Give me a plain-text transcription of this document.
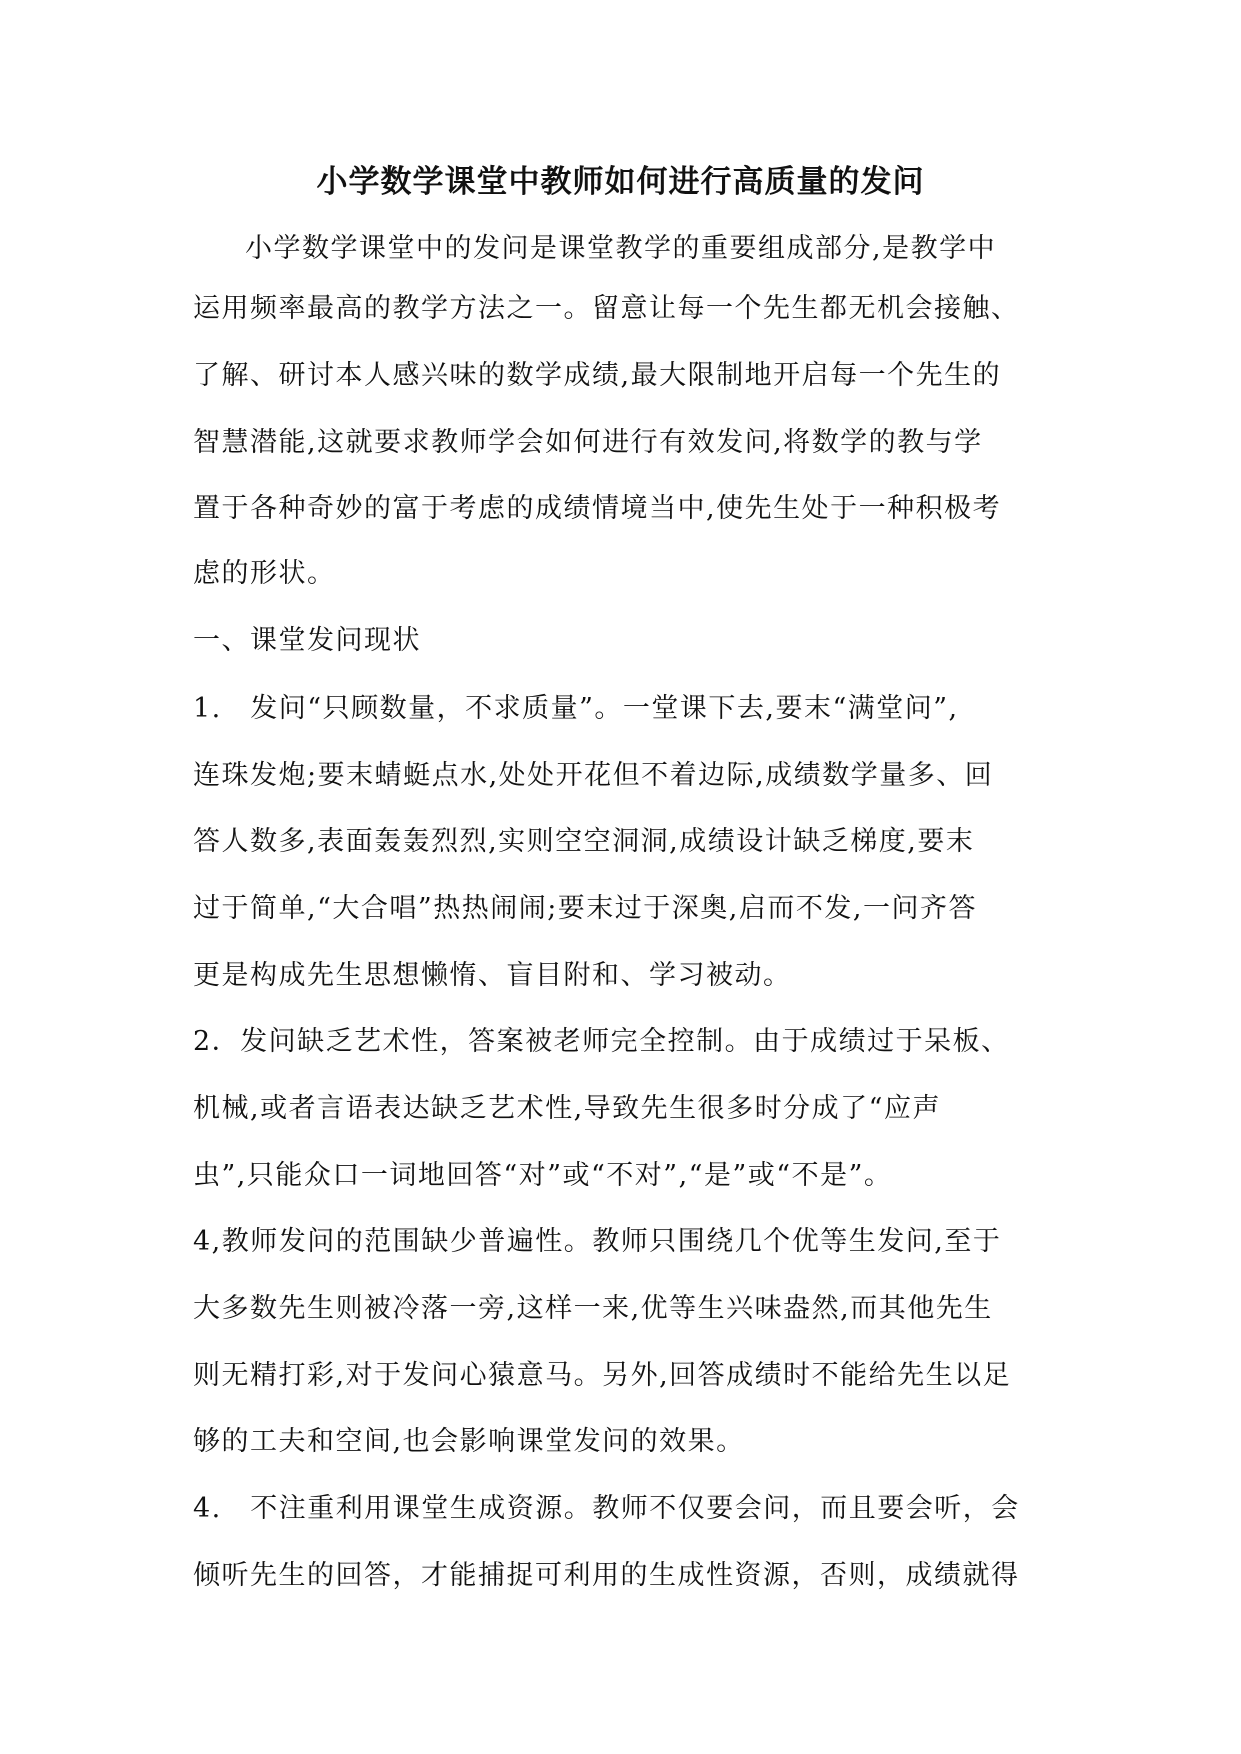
小学数学课堂中教师如何进行高质量的发问
小学数学课堂中的发问是课堂教学的重要组成部分,是教学中
运用频率最高的教学方法之一。留意让每一个先生都无机会接触、
了解、研讨本人感兴味的数学成绩,最大限制地开启每一个先生的
智慧潜能,这就要求教师学会如何进行有效发问,将数学的教与学
置于各种奇妙的富于考虑的成绩情境当中,使先生处于一种积极考
虑的形状。
一、课堂发问现状
1.　发问“只顾数量，不求质量”。一堂课下去,要末“满堂问”,
连珠发炮;要末蜻蜓点水,处处开花但不着边际,成绩数学量多、回
答人数多,表面轰轰烈烈,实则空空洞洞,成绩设计缺乏梯度,要末
过于简单,“大合唱”热热闹闹;要末过于深奥,启而不发,一问齐答
更是构成先生思想懒惰、盲目附和、学习被动。
2．发问缺乏艺术性，答案被老师完全控制。由于成绩过于呆板、
机械,或者言语表达缺乏艺术性,导致先生很多时分成了“应声
虫”,只能众口一词地回答“对”或“不对”,“是”或“不是”。
4,教师发问的范围缺少普遍性。教师只围绕几个优等生发问,至于
大多数先生则被冷落一旁,这样一来,优等生兴味盎然,而其他先生
则无精打彩,对于发问心猿意马。另外,回答成绩时不能给先生以足
够的工夫和空间,也会影响课堂发问的效果。
4.　不注重利用课堂生成资源。教师不仅要会问，而且要会听，会
倾听先生的回答，才能捕捉可利用的生成性资源，否则，成绩就得
